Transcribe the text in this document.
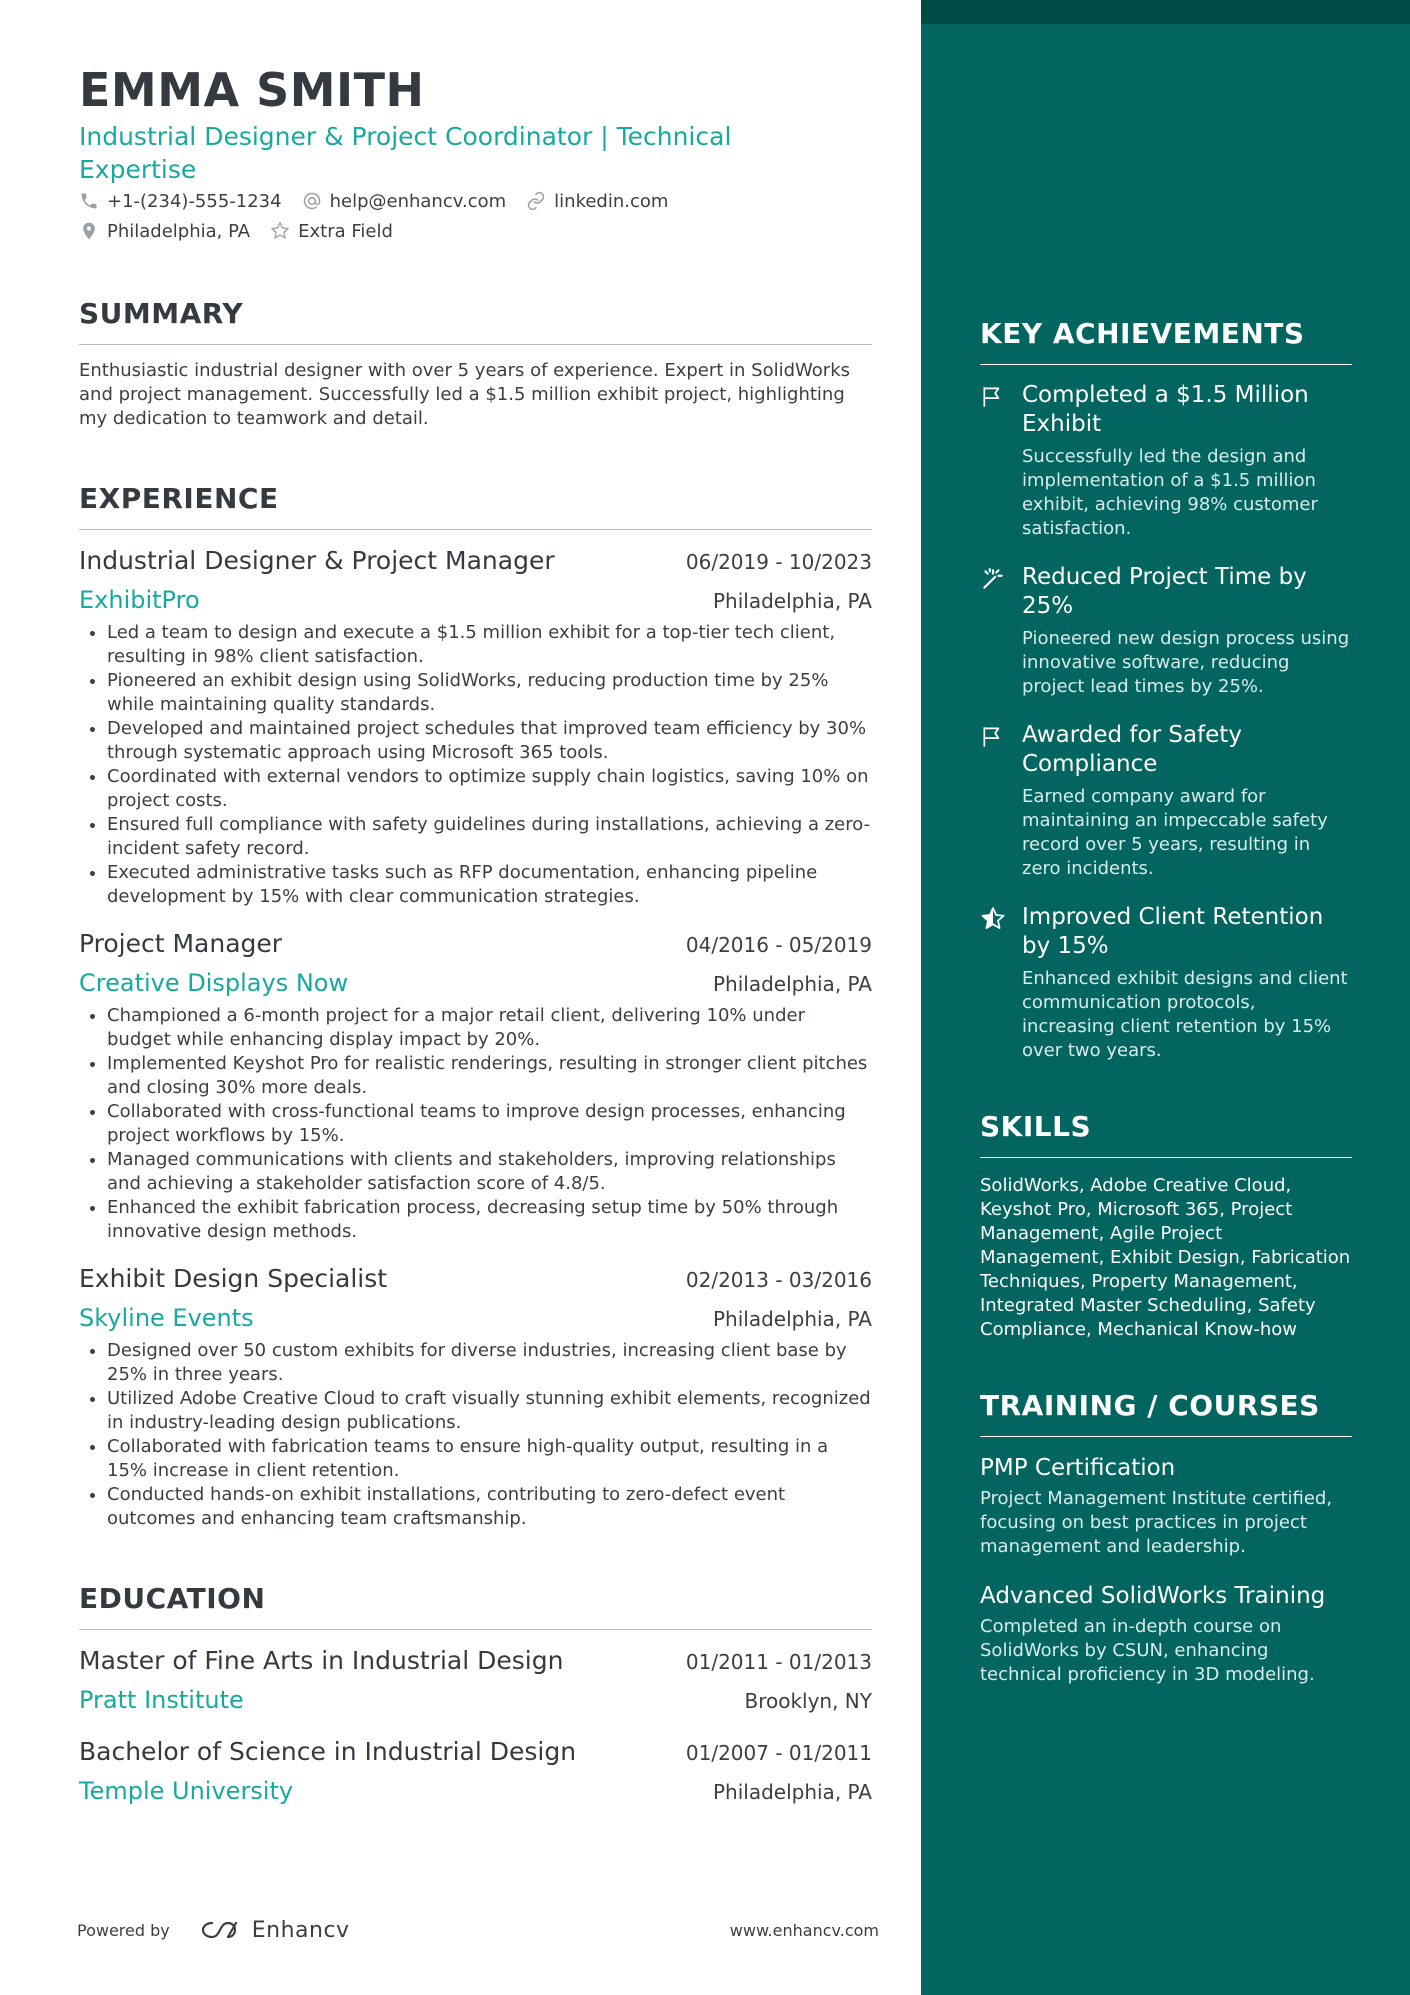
KEY ACHIEVEMENTS
Completed a $1.5 Million Exhibit
Successfully led the design and implementation of a $1.5 million exhibit, achieving 98% customer satisfaction.
Reduced Project Time by 25%
Pioneered new design process using innovative software, reducing project lead times by 25%.
Awarded for Safety Compliance
Earned company award for maintaining an impeccable safety record over 5 years, resulting in zero incidents.
Improved Client Retention by 15%
Enhanced exhibit designs and client communication protocols, increasing client retention by 15% over two years.
SKILLS
SolidWorks, Adobe Creative Cloud, Keyshot Pro, Microsoft 365, Project Management, Agile Project Management, Exhibit Design, Fabrication Techniques, Property Management, Integrated Master Scheduling, Safety Compliance, Mechanical Know-how
TRAINING / COURSES
PMP Certification
Project Management Institute certified, focusing on best practices in project management and leadership.
Advanced SolidWorks Training
Completed an in-depth course on SolidWorks by CSUN, enhancing technical proficiency in 3D modeling.
EMMA SMITH
Industrial Designer & Project Coordinator | Technical Expertise
+1-(234)-555-1234	help@enhancv.com	linkedin.com
Philadelphia, PA	Extra Field
SUMMARY
Enthusiastic industrial designer with over 5 years of experience. Expert in SolidWorks and project management. Successfully led a $1.5 million exhibit project, highlighting my dedication to teamwork and detail.
EXPERIENCE
Industrial Designer & Project Manager	06/2019 - 10/2023
ExhibitPro	Philadelphia, PA
• Led a team to design and execute a $1.5 million exhibit for a top-tier tech client, resulting in 98% client satisfaction.
• Pioneered an exhibit design using SolidWorks, reducing production time by 25% while maintaining quality standards.
• Developed and maintained project schedules that improved team efficiency by 30% through systematic approach using Microsoft 365 tools.
• Coordinated with external vendors to optimize supply chain logistics, saving 10% on project costs.
• Ensured full compliance with safety guidelines during installations, achieving a zero-incident safety record.
• Executed administrative tasks such as RFP documentation, enhancing pipeline development by 15% with clear communication strategies.
Project Manager	04/2016 - 05/2019
Creative Displays Now	Philadelphia, PA
• Championed a 6-month project for a major retail client, delivering 10% under budget while enhancing display impact by 20%.
• Implemented Keyshot Pro for realistic renderings, resulting in stronger client pitches and closing 30% more deals.
• Collaborated with cross-functional teams to improve design processes, enhancing project workflows by 15%.
• Managed communications with clients and stakeholders, improving relationships and achieving a stakeholder satisfaction score of 4.8/5.
• Enhanced the exhibit fabrication process, decreasing setup time by 50% through innovative design methods.
Exhibit Design Specialist	02/2013 - 03/2016
Skyline Events	Philadelphia, PA
• Designed over 50 custom exhibits for diverse industries, increasing client base by 25% in three years.
• Utilized Adobe Creative Cloud to craft visually stunning exhibit elements, recognized in industry-leading design publications.
• Collaborated with fabrication teams to ensure high-quality output, resulting in a 15% increase in client retention.
• Conducted hands-on exhibit installations, contributing to zero-defect event outcomes and enhancing team craftsmanship.
EDUCATION
Master of Fine Arts in Industrial Design	01/2011 - 01/2013
Pratt Institute	Brooklyn, NY
Bachelor of Science in Industrial Design	01/2007 - 01/2011
Temple University	Philadelphia, PA
Powered by	Enhancv	www.enhancv.com
